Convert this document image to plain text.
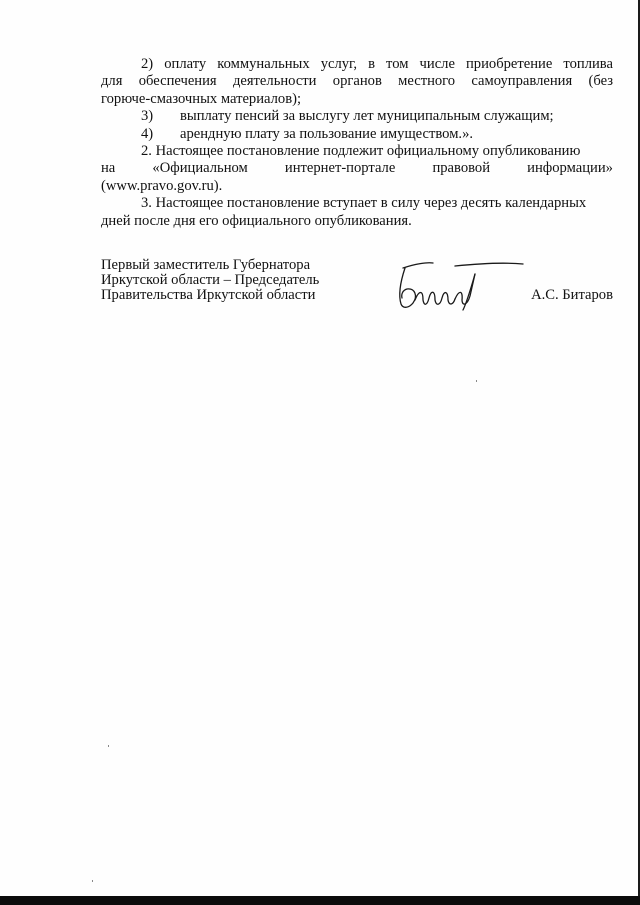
2) оплату коммунальных услуг, в том числе приобретение топлива
для обеспечения деятельности органов местного самоуправления (без
горюче-смазочных материалов);
3)	выплату пенсий за выслугу лет муниципальным служащим;
4)	арендную плату за пользование имуществом.».
2. Настоящее постановление подлежит официальному опубликованию
на	«Официальном	интернет-портале	правовой	информации»
(www.pravo.gov.ru).
3. Настоящее постановление вступает в силу через десять календарных
дней после дня его официального опубликования.
Первый заместитель Губернатора
Иркутской области – Председатель
Правительства Иркутской области	А.С. Битаров
